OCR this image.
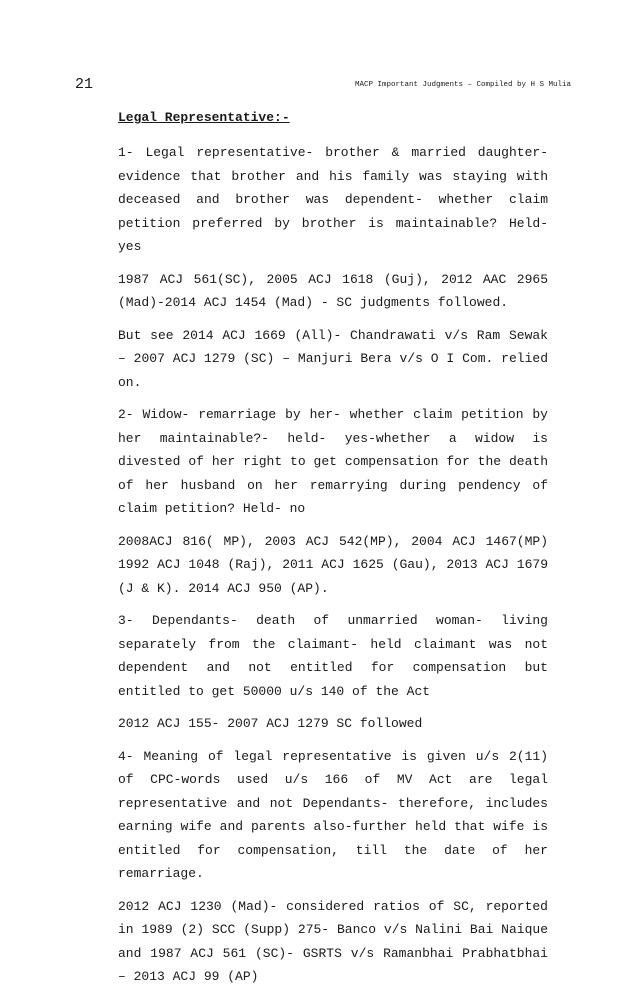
21	MACP Important Judgments – Compiled by H S Mulia

Legal Representative:-

1- Legal representative- brother & married daughter- evidence that brother and his family was staying with deceased and brother was dependent- whether claim petition preferred by brother is maintainable? Held- yes

1987 ACJ 561(SC), 2005 ACJ 1618 (Guj), 2012 AAC 2965 (Mad)-2014 ACJ 1454 (Mad) - SC judgments followed.

But see 2014 ACJ 1669 (All)- Chandrawati v/s Ram Sewak – 2007 ACJ 1279 (SC) – Manjuri Bera v/s O I Com. relied on.

2- Widow- remarriage by her- whether claim petition by her maintainable?- held- yes-whether a widow is divested of her right to get compensation for the death of her husband on her remarrying during pendency of claim petition? Held- no

2008ACJ 816( MP), 2003 ACJ 542(MP), 2004 ACJ 1467(MP) 1992 ACJ 1048 (Raj), 2011 ACJ 1625 (Gau), 2013 ACJ 1679 (J & K). 2014 ACJ 950 (AP).

3- Dependants- death of unmarried woman- living separately from the claimant- held claimant was not dependent and not entitled for compensation but entitled to get 50000 u/s 140 of the Act

2012 ACJ 155- 2007 ACJ 1279 SC followed

4- Meaning of legal representative is given u/s 2(11) of CPC-words used u/s 166 of MV Act are legal representative and not Dependants- therefore, includes earning wife and parents also-further held that wife is entitled for compensation, till the date of her remarriage.

2012 ACJ 1230 (Mad)- considered ratios of SC, reported in 1989 (2) SCC (Supp) 275- Banco v/s Nalini Bai Naique and 1987 ACJ 561 (SC)- GSRTS v/s Ramanbhai Prabhatbhai – 2013 ACJ 99 (AP)
